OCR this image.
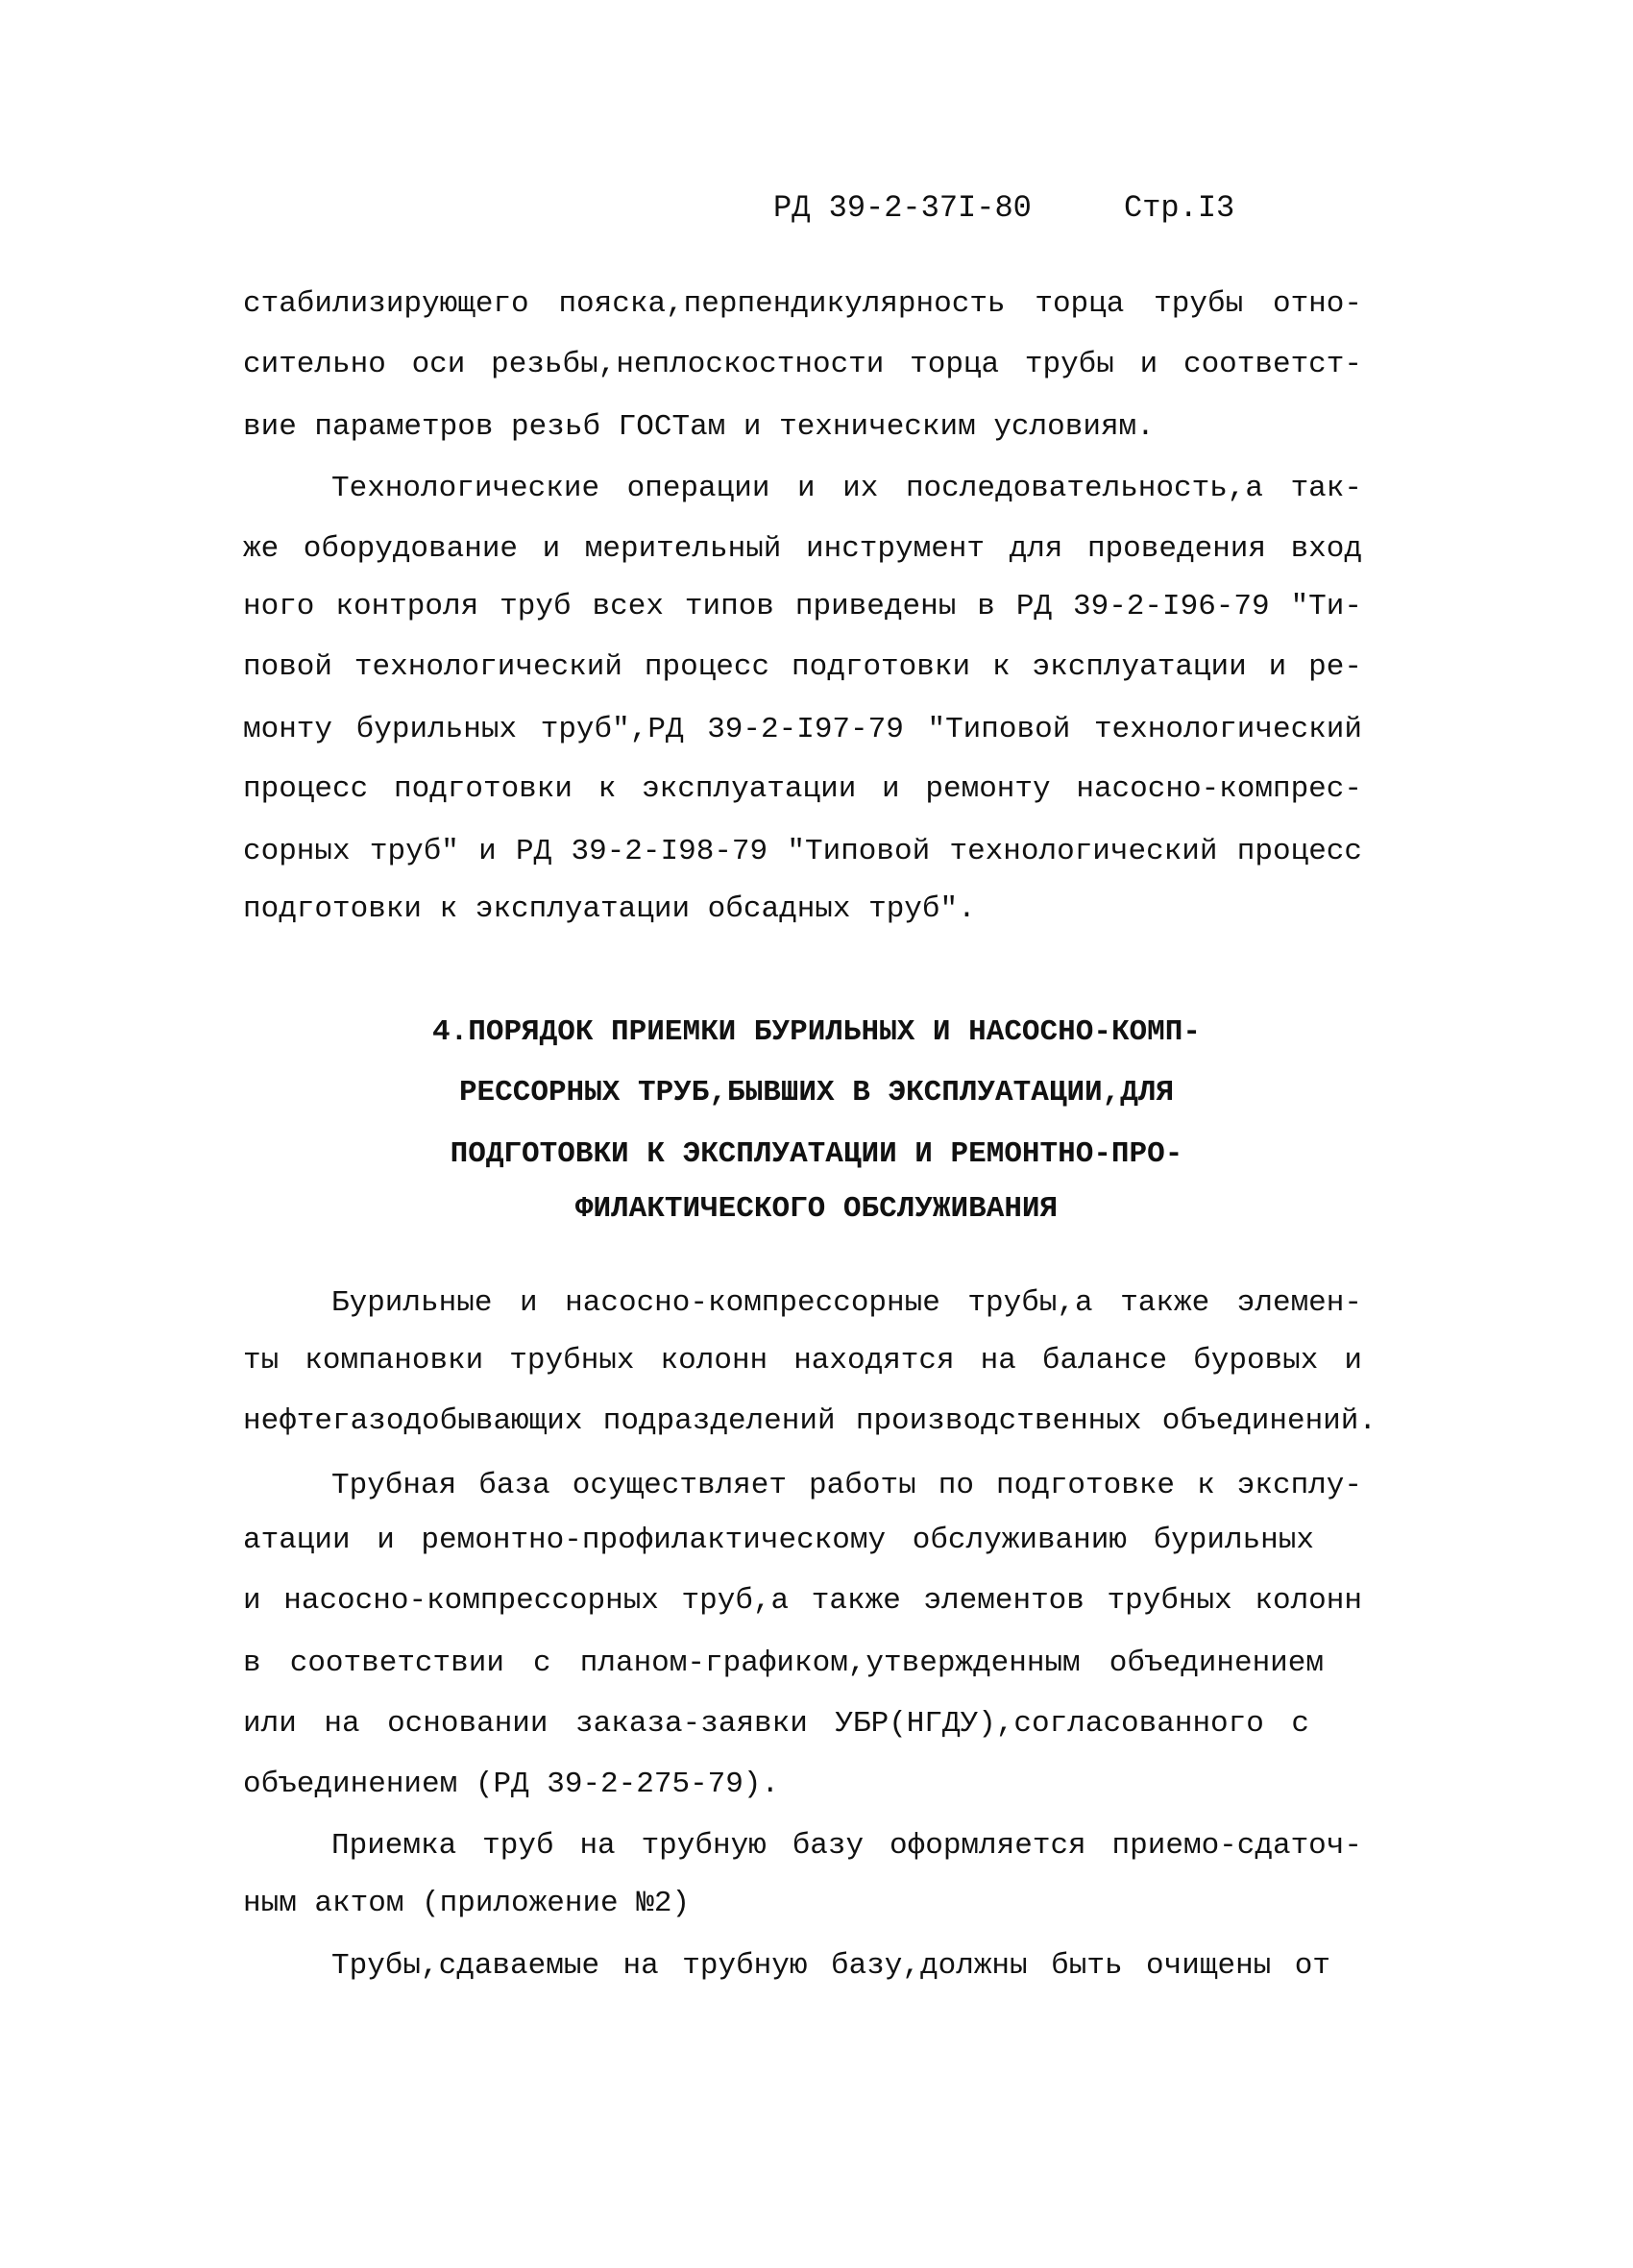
РД 39-2-37I-80	Стр.I3
стабилизирующего пояска,перпендикулярность торца трубы отно-
сительно оси резьбы,неплоскостности торца трубы и соответст-
вие параметров резьб ГОСТам и техническим условиям.
Технологические операции и их последовательность,а так-
же оборудование и мерительный инструмент для проведения вход
ного контроля труб всех типов приведены в РД 39-2-I96-79 "Ти-
повой технологический процесс подготовки к эксплуатации и ре-
монту бурильных труб",РД 39-2-I97-79 "Типовой технологический
процесс подготовки к эксплуатации и ремонту насосно-компрес-
сорных труб" и РД 39-2-I98-79 "Типовой технологический процесс
подготовки к эксплуатации обсадных труб".
4.ПОРЯДОК ПРИЕМКИ БУРИЛЬНЫХ И НАСОСНО-КОМП-
РЕССОРНЫХ ТРУБ,БЫВШИХ В ЭКСПЛУАТАЦИИ,ДЛЯ
ПОДГОТОВКИ К ЭКСПЛУАТАЦИИ И РЕМОНТНО-ПРО-
ФИЛАКТИЧЕСКОГО ОБСЛУЖИВАНИЯ
Бурильные и насосно-компрессорные трубы,а также элемен-
ты компановки трубных колонн находятся на балансе буровых и
нефтегазодобывающих подразделений производственных объединений.
Трубная база осуществляет работы по подготовке к эксплу-
атации и ремонтно-профилактическому обслуживанию бурильных
и насосно-компрессорных труб,а также элементов трубных колонн
в соответствии с планом-графиком,утвержденным объединением
или на основании заказа-заявки УБР(НГДУ),согласованного с
объединением (РД 39-2-275-79).
Приемка труб на трубную базу оформляется приемо-сдаточ-
ным актом (приложение №2)
Трубы,сдаваемые на трубную базу,должны быть очищены от
